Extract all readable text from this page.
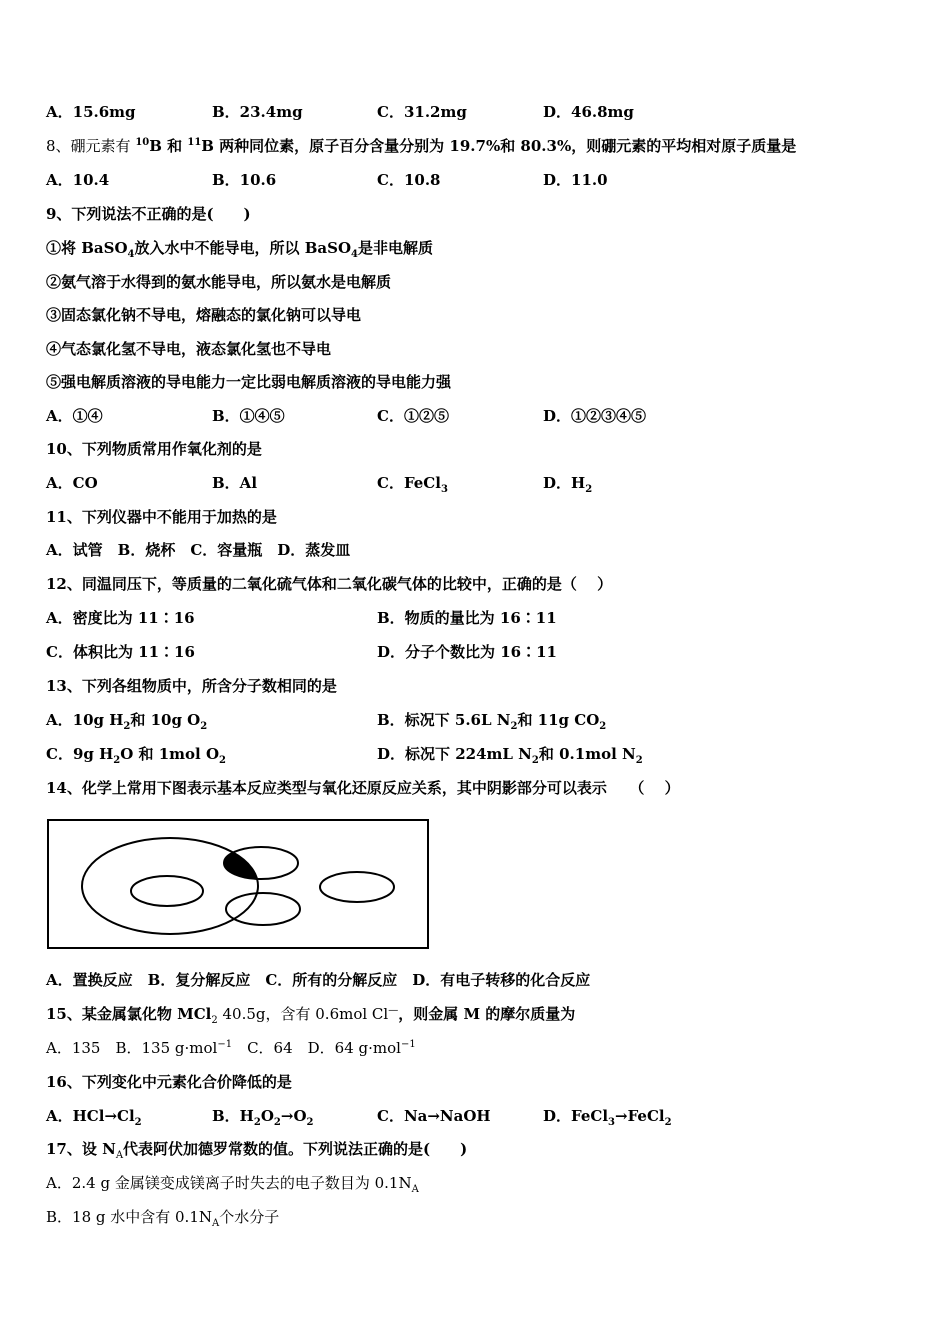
A．15.6mg	B．23.4mg	C．31.2mg	D．46.8mg
8、硼元素有 $^{10}$B 和 $^{11}$B 两种同位素，原子百分含量分别为 19.7%和 80.3%，则硼元素的平均相对原子质量是
A．10.4	B．10.6	C．10.8	D．11.0
9、下列说法不正确的是(　　)
①将 BaSO$_4$放入水中不能导电，所以 BaSO$_4$是非电解质
②氨气溶于水得到的氨水能导电，所以氨水是电解质
③固态氯化钠不导电，熔融态的氯化钠可以导电
④气态氯化氢不导电，液态氯化氢也不导电
⑤强电解质溶液的导电能力一定比弱电解质溶液的导电能力强
A．①④	B．①④⑤	C．①②⑤	D．①②③④⑤
10、下列物质常用作氧化剂的是
A．CO	B．Al	C．FeCl$_3$	D．$H_2$
11、下列仪器中不能用于加热的是
A．试管　B．烧杯　C．容量瓶　D．蒸发皿
12、同温同压下，等质量的二氧化硫气体和二氧化碳气体的比较中，正确的是（　 ）
A．密度比为 11∶16	B．物质的量比为 16∶11
C．体积比为 11∶16	D．分子个数比为 16∶11
13、下列各组物质中，所含分子数相同的是
A．10g $H_2$和 10g $O_2$	B．标况下 5.6L $N_2$和 11g $CO_2$
C．9g $H_2O$ 和 1mol $O_2$	D．标况下 224mL $N_2$和 0.1mol $N_2$
14、化学上常用下图表示基本反应类型与氧化还原反应关系，其中阴影部分可以表示　　（　 ）
A．置换反应　B．复分解反应　C．所有的分解反应　D．有电子转移的化合反应
15、某金属氯化物 MCl$_2$ 40.5g，含有 0.6mol Cl—，则金属 M 的摩尔质量为
A．135　B．135 g·mol$^{-1}$　C．64　D．64 g·mol$^{-1}$
16、下列变化中元素化合价降低的是
A．$HCl\to Cl_2$	B．$H_2O_2\to O_2$	C．Na→NaOH	D．FeCl$_3$→FeCl$_2$
17、设 $N_A$代表阿伏加德罗常数的值。下列说法正确的是(　　)
A．2.4 g 金属镁变成镁离子时失去的电子数目为 $0.1N_A$
B．18 g 水中含有 $0.1N_A$个水分子
